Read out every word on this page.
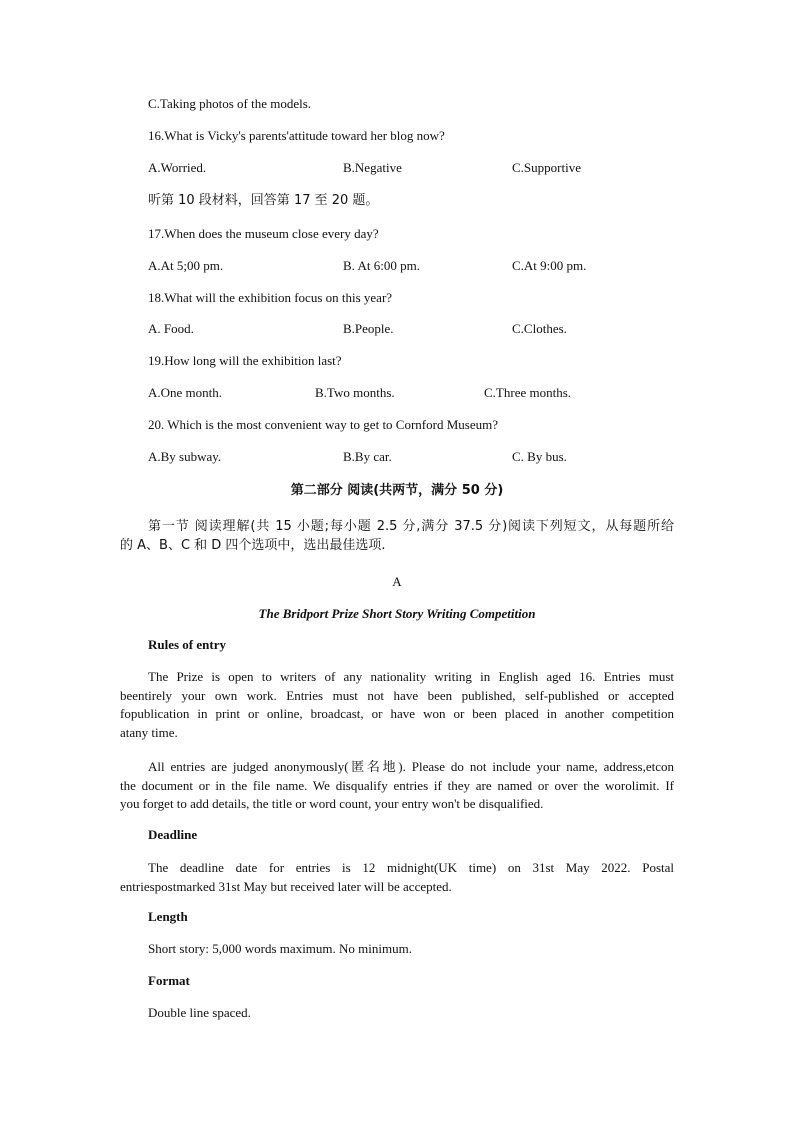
C.Taking photos of the models.
16.What is Vicky's parents'attitude toward her blog now?
A.Worried.	B.Negative	C.Supportive
听第 10 段材料，回答第 17 至 20 题。
17.When does the museum close every day?
A.At 5;00 pm.	B. At 6:00 pm.	C.At 9:00 pm.
18.What will the exhibition focus on this year?
A. Food.	B.People.	C.Clothes.
19.How long will the exhibition last?
A.One month.	B.Two months.	C.Three months.
20. Which is the most convenient way to get to Cornford Museum?
A.By subway.	B.By car.	C. By bus.
第二部分 阅读(共两节，满分 50 分)
第一节 阅读理解(共 15 小题;每小题 2.5 分,满分 37.5 分)阅读下列短文，从每题所给
的 A、B、C 和 D 四个选项中，选出最佳选项.
A
The Bridport Prize Short Story Writing Competition
Rules of entry
The Prize is open to writers of any nationality writing in English aged 16. Entries must
beentirely your own work. Entries must not have been published, self-published or accepted
fopublication in print or online, broadcast, or have won or been placed in another competition
atany time.
All entries are judged anonymously(匿名地). Please do not include your name, address,etcon
the document or in the file name. We disqualify entries if they are named or over the worolimit. If
you forget to add details, the title or word count, your entry won't be disqualified.
Deadline
The deadline date for entries is 12 midnight(UK time) on 31st May 2022. Postal
entriespostmarked 31st May but received later will be accepted.
Length
Short story: 5,000 words maximum. No minimum.
Format
Double line spaced.
